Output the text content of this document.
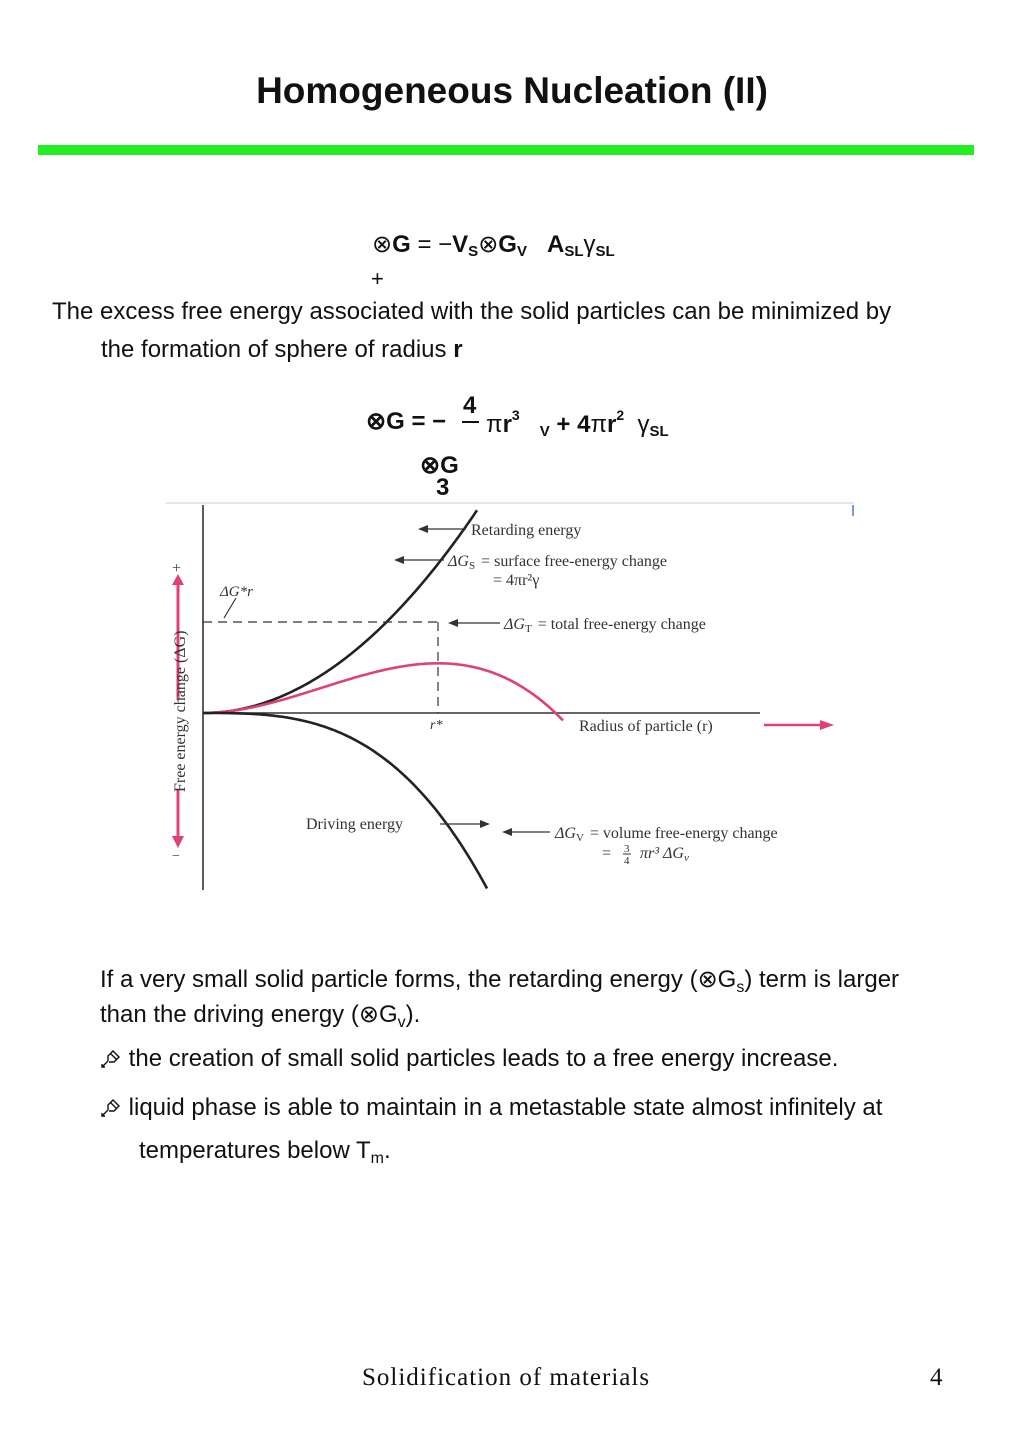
Homogeneous Nucleation (II)
⊗G = $-V_S\otimes G_V$ $A_{SL}\gamma_{SL}$
+
The excess free energy associated with the solid particles can be minimized by
the formation of sphere of radius r
⊗G = −
4
$\pi r^3$   $_V + 4\pi r^2$ $\gamma_{SL}$
⊗G
3
+
−
Free energy change (ΔG)	Radius of particle (r)
r*
ΔG*r
Retarding energy
ΔGS = surface free-energy change
= 4πr²γ
ΔGT = total free-energy change
Driving energy
ΔGV = volume free-energy change
= 3
4 πr³ ΔGv
If a very small solid particle forms, the retarding energy $(\otimes G_s)$ term is larger
than the driving energy $(\otimes G_v)$.
the creation of small solid particles leads to a free energy increase.
liquid phase is able to maintain in a metastable state almost infinitely at
temperatures below $T_m$.
Solidification of materials	4
